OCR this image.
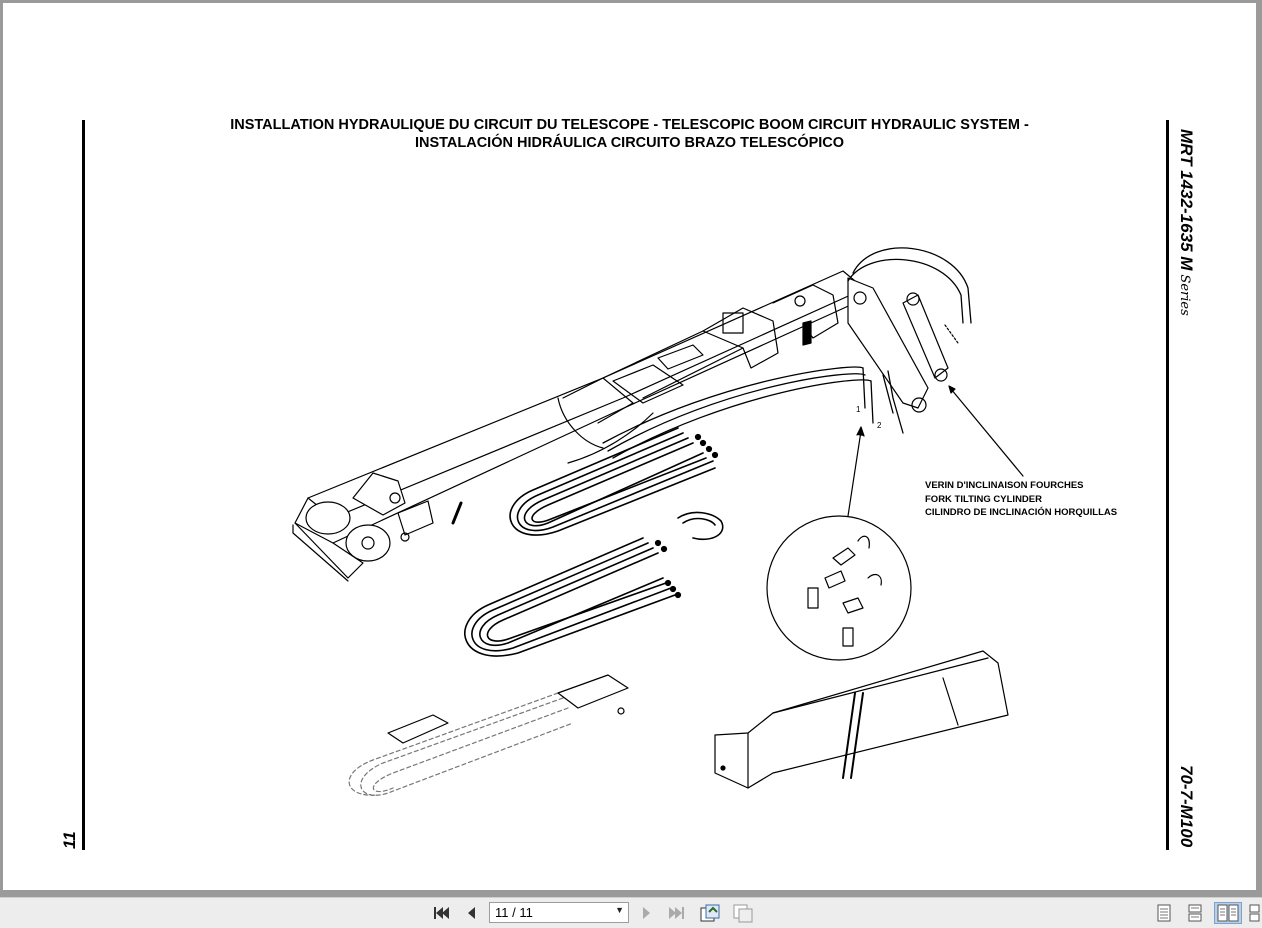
INSTALLATION HYDRAULIQUE DU CIRCUIT DU TELESCOPE - TELESCOPIC BOOM CIRCUIT HYDRAULIC SYSTEM -
INSTALACIÓN HIDRÁULICA CIRCUITO BRAZO TELESCÓPICO	MRT 1432-1635 MSeries
70-7-M100
11
1
2
VERIN D'INCLINAISON FOURCHES
FORK TILTING CYLINDER
CILINDRO DE INCLINACIÓN HORQUILLAS
11 / 11	▼
